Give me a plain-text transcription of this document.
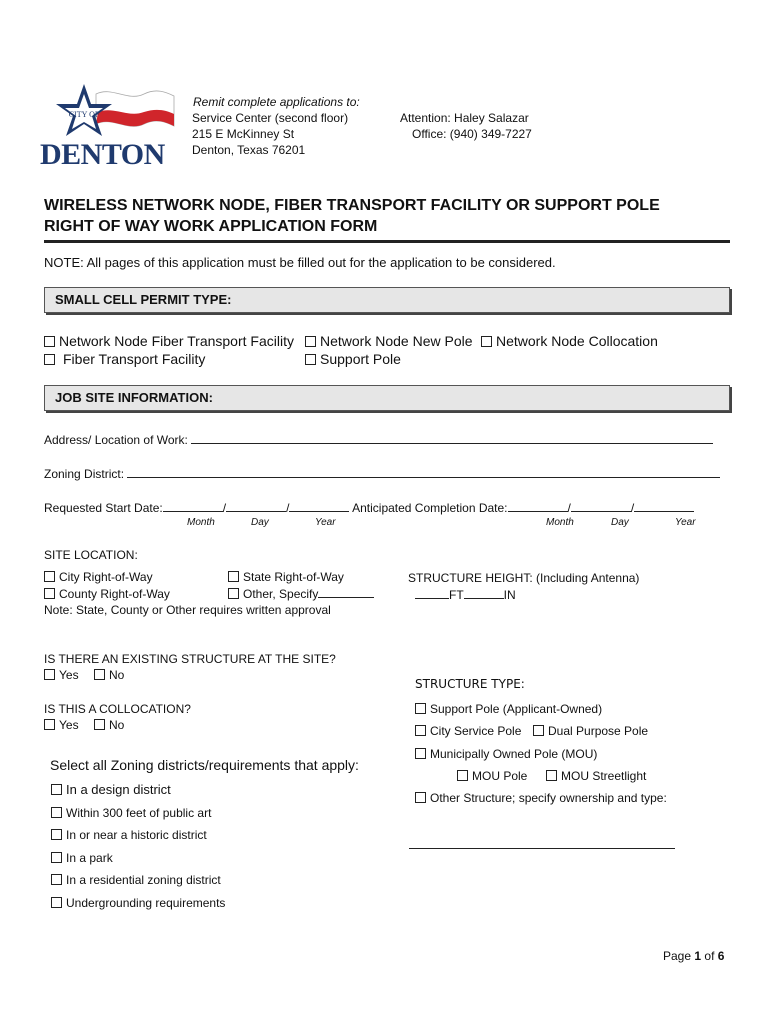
CITY OF
DENTON
Remit complete applications to:
Service Center (second floor)
215 E McKinney St
Denton, Texas 76201
Attention: Haley Salazar
Office: (940) 349-7227
WIRELESS NETWORK NODE, FIBER TRANSPORT FACILITY OR SUPPORT POLE
RIGHT OF WAY WORK APPLICATION FORM
NOTE: All pages of this application must be filled out for the application to be considered.
SMALL CELL PERMIT TYPE:
Network Node Fiber Transport Facility	Network Node New Pole	Network Node Collocation
Fiber Transport Facility	Support Pole
JOB SITE INFORMATION:
Address/ Location of Work:
Zoning District:
Requested Start Date:	/	/	Anticipated Completion Date:	/	/
Month	Day	Year	Month	Day	Year
SITE LOCATION:
City Right-of-Way	State Right-of-Way
County Right-of-Way	Other, Specify
Note: State, County or Other requires written approval
STRUCTURE HEIGHT: (Including Antenna)
FT	IN
IS THERE AN EXISTING STRUCTURE AT THE SITE?
Yes	No
IS THIS A COLLOCATION?
Yes	No
Select all Zoning districts/requirements that apply:
In a design district
Within 300 feet of public art
In or near a historic district
In a park
In a residential zoning district
Undergrounding requirements
STRUCTURE TYPE:
Support Pole (Applicant-Owned)
City Service Pole	Dual Purpose Pole
Municipally Owned Pole (MOU)
MOU Pole	MOU Streetlight
Other Structure; specify ownership and type:
Page 1 of 6
